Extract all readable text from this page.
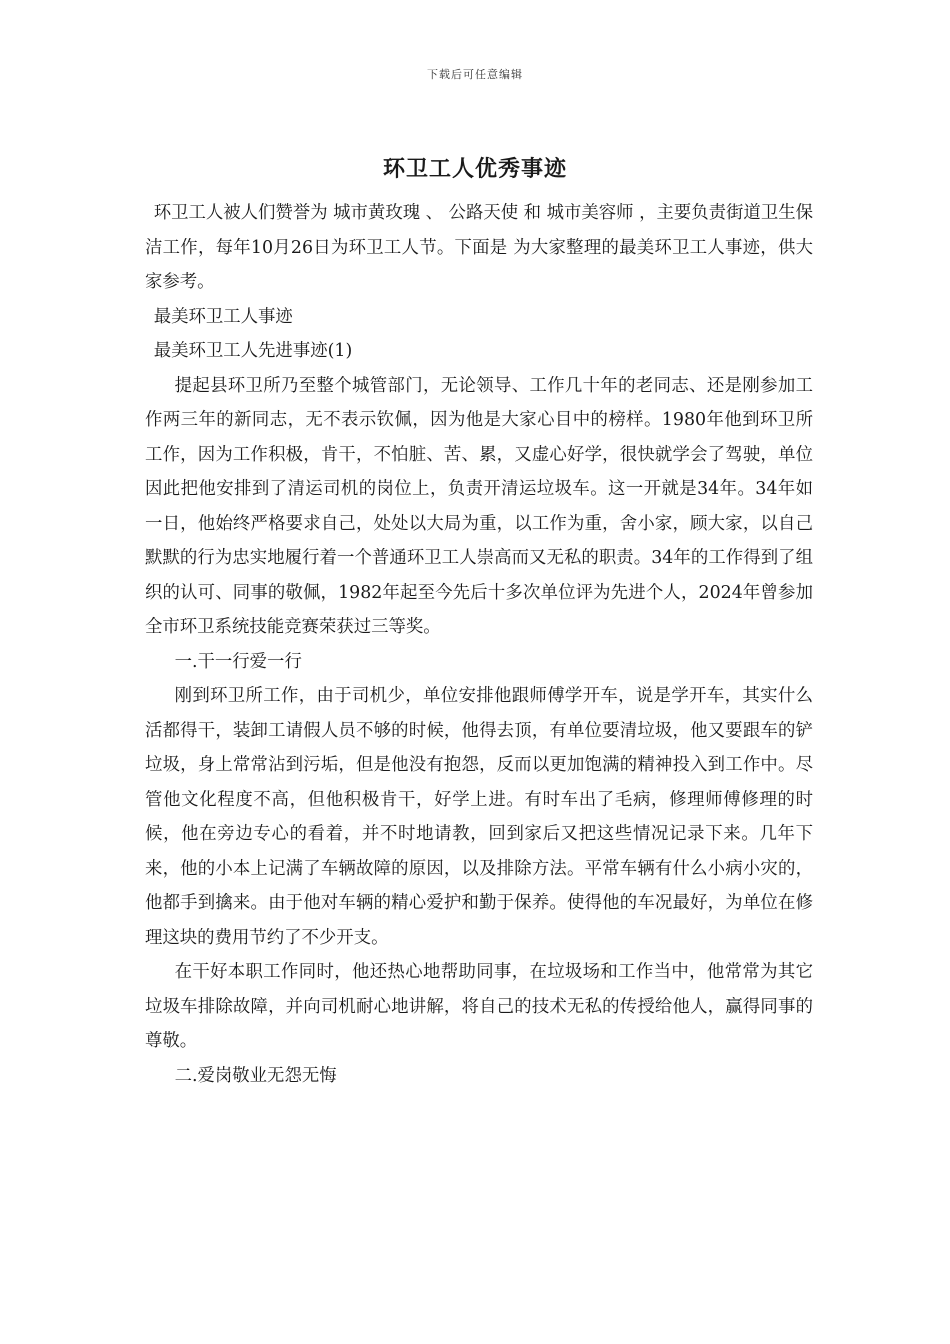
下载后可任意编辑
环卫工人优秀事迹

环卫工人被人们赞誉为 城市黄玫瑰 、 公路天使 和 城市美容师 ，主要负责街道卫生保洁工作，每年10月26日为环卫工人节。下面是 为大家整理的最美环卫工人事迹，供大家参考。

最美环卫工人事迹

最美环卫工人先进事迹(1)

提起县环卫所乃至整个城管部门，无论领导、工作几十年的老同志、还是刚参加工作两三年的新同志，无不表示钦佩，因为他是大家心目中的榜样。1980年他到环卫所工作，因为工作积极，肯干，不怕脏、苦、累，又虚心好学，很快就学会了驾驶，单位因此把他安排到了清运司机的岗位上，负责开清运垃圾车。这一开就是34年。34年如一日，他始终严格要求自己，处处以大局为重，以工作为重，舍小家，顾大家，以自己默默的行为忠实地履行着一个普通环卫工人崇高而又无私的职责。34年的工作得到了组织的认可、同事的敬佩，1982年起至今先后十多次单位评为先进个人，2024年曾参加全市环卫系统技能竞赛荣获过三等奖。

一.干一行爱一行

刚到环卫所工作，由于司机少，单位安排他跟师傅学开车，说是学开车，其实什么活都得干，装卸工请假人员不够的时候，他得去顶，有单位要清垃圾，他又要跟车的铲垃圾，身上常常沾到污垢，但是他没有抱怨，反而以更加饱满的精神投入到工作中。尽管他文化程度不高，但他积极肯干，好学上进。有时车出了毛病，修理师傅修理的时候，他在旁边专心的看着，并不时地请教，回到家后又把这些情况记录下来。几年下来，他的小本上记满了车辆故障的原因，以及排除方法。平常车辆有什么小病小灾的，他都手到擒来。由于他对车辆的精心爱护和勤于保养。使得他的车况最好，为单位在修理这块的费用节约了不少开支。

在干好本职工作同时，他还热心地帮助同事，在垃圾场和工作当中，他常常为其它垃圾车排除故障，并向司机耐心地讲解，将自己的技术无私的传授给他人，赢得同事的尊敬。

二.爱岗敬业无怨无悔
